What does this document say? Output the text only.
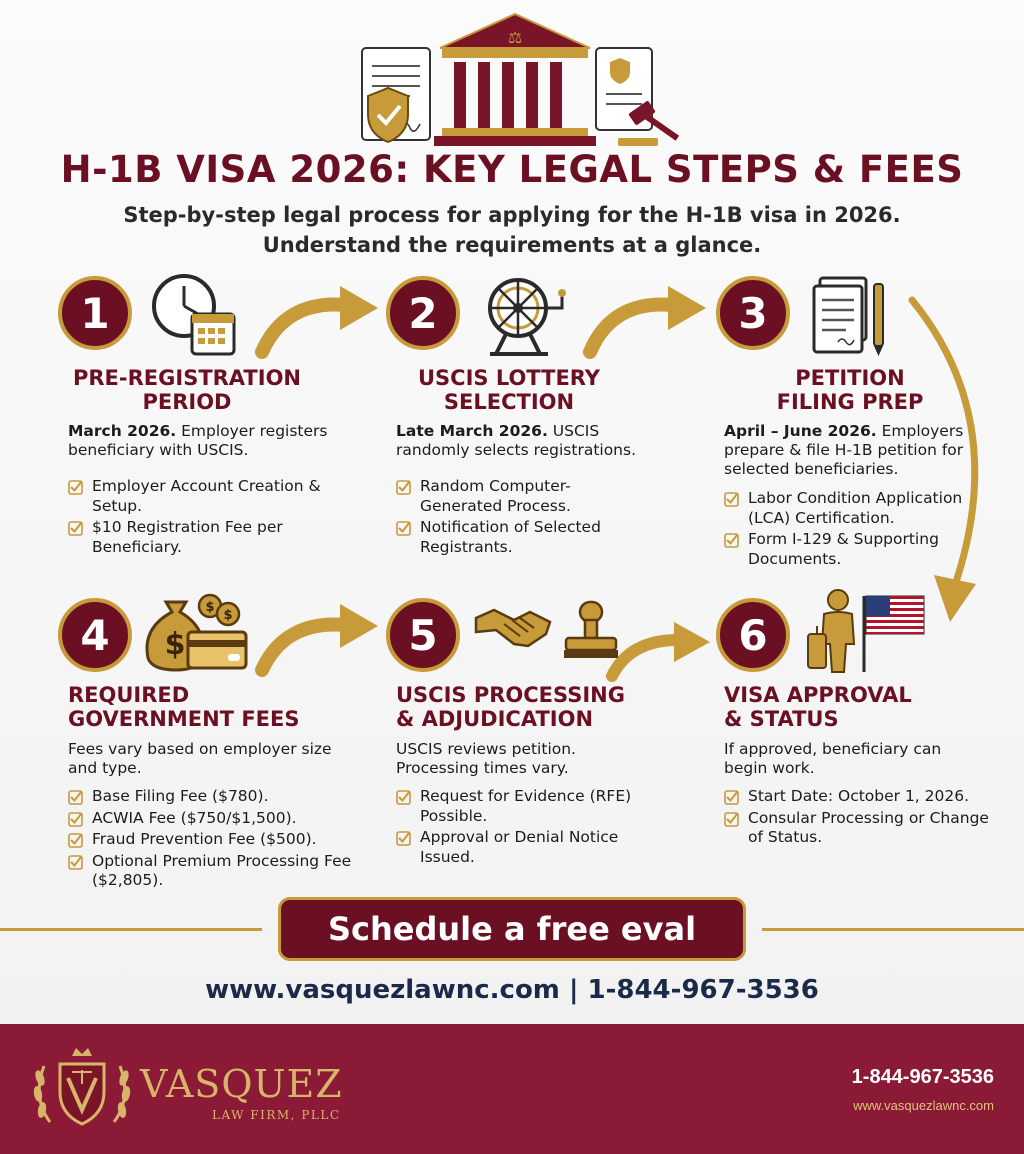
⚖
H-1B VISA 2026: KEY LEGAL STEPS & FEES
Step-by-step legal process for applying for the H-1B visa in 2026.
Understand the requirements at a glance.
1
PRE-REGISTRATION
PERIOD
March 2026. Employer registers beneficiary with USCIS.
Employer Account Creation & Setup.
$10 Registration Fee per Beneficiary.
2
USCIS LOTTERY
SELECTION
Late March 2026. USCIS randomly selects registrations.
Random Computer-Generated Process.
Notification of Selected Registrants.
3
PETITION
FILING PREP
April – June 2026. Employers prepare & file H-1B petition for selected beneficiaries.
Labor Condition Application (LCA) Certification.
Form I-129 & Supporting Documents.
4	$
$
$
REQUIRED
GOVERNMENT FEES
Fees vary based on employer size and type.
Base Filing Fee ($780).
ACWIA Fee ($750/$1,500).
Fraud Prevention Fee ($500).
Optional Premium Processing Fee ($2,805).
5
USCIS PROCESSING
& ADJUDICATION
USCIS reviews petition. Processing times vary.
Request for Evidence (RFE) Possible.
Approval or Denial Notice Issued.
6
VISA APPROVAL
& STATUS
If approved, beneficiary can begin work.
Start Date: October 1, 2026.
Consular Processing or Change of Status.
Schedule a free eval
www.vasquezlawnc.com | 1-844-967-3536
VASQUEZ
LAW FIRM, PLLC
1-844-967-3536
www.vasquezlawnc.com
